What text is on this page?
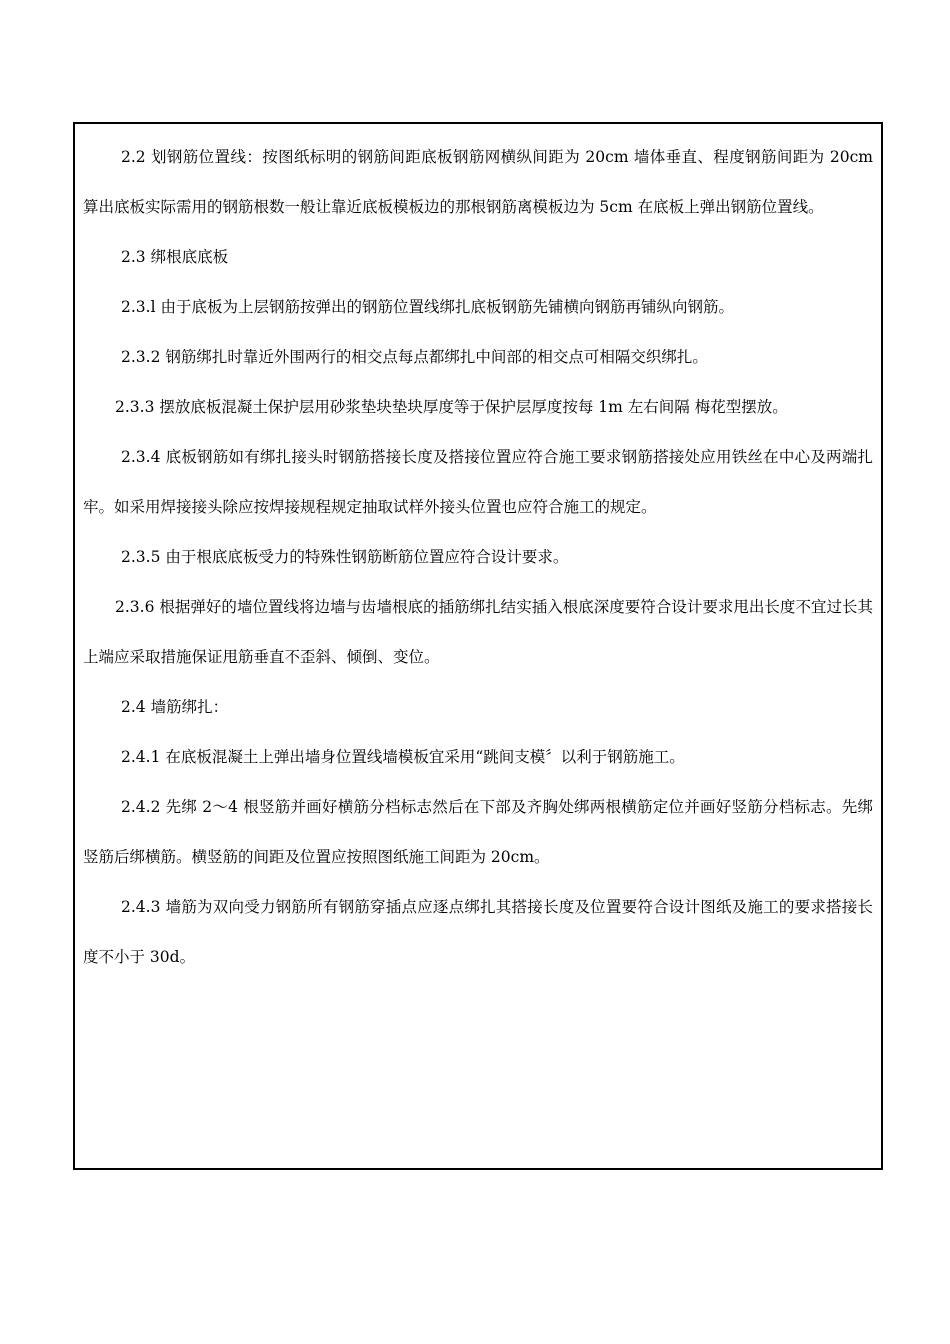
2.2 划钢筋位置线：按图纸标明的钢筋间距底板钢筋网横纵间距为 20cm 墙体垂直、程度钢筋间距为 20cm 算出底板实际需用的钢筋根数一般让靠近底板模板边的那根钢筋离模板边为 5cm 在底板上弹出钢筋位置线。

2.3 绑根底底板

2.3.l 由于底板为上层钢筋按弹出的钢筋位置线绑扎底板钢筋先铺横向钢筋再铺纵向钢筋。

2.3.2 钢筋绑扎时靠近外围两行的相交点每点都绑扎中间部的相交点可相隔交织绑扎。

2.3.3 摆放底板混凝土保护层用砂浆垫块垫块厚度等于保护层厚度按每 1m 左右间隔 梅花型摆放。

2.3.4 底板钢筋如有绑扎接头时钢筋搭接长度及搭接位置应符合施工要求钢筋搭接处应用铁丝在中心及两端扎牢。如采用焊接接头除应按焊接规程规定抽取试样外接头位置也应符合施工的规定。

2.3.5 由于根底底板受力的特殊性钢筋断筋位置应符合设计要求。

2.3.6 根据弹好的墙位置线将边墙与齿墙根底的插筋绑扎结实插入根底深度要符合设计要求甩出长度不宜过长其上端应采取措施保证甩筋垂直不歪斜、倾倒、变位。

2.4 墙筋绑扎：

2.4.1 在底板混凝土上弹出墙身位置线墙模板宜采用“跳间支模〞以利于钢筋施工。

2.4.2 先绑 2～4 根竖筋并画好横筋分档标志然后在下部及齐胸处绑两根横筋定位并画好竖筋分档标志。先绑竖筋后绑横筋。横竖筋的间距及位置应按照图纸施工间距为 20cm。

2.4.3 墙筋为双向受力钢筋所有钢筋穿插点应逐点绑扎其搭接长度及位置要符合设计图纸及施工的要求搭接长度不小于 30d。
